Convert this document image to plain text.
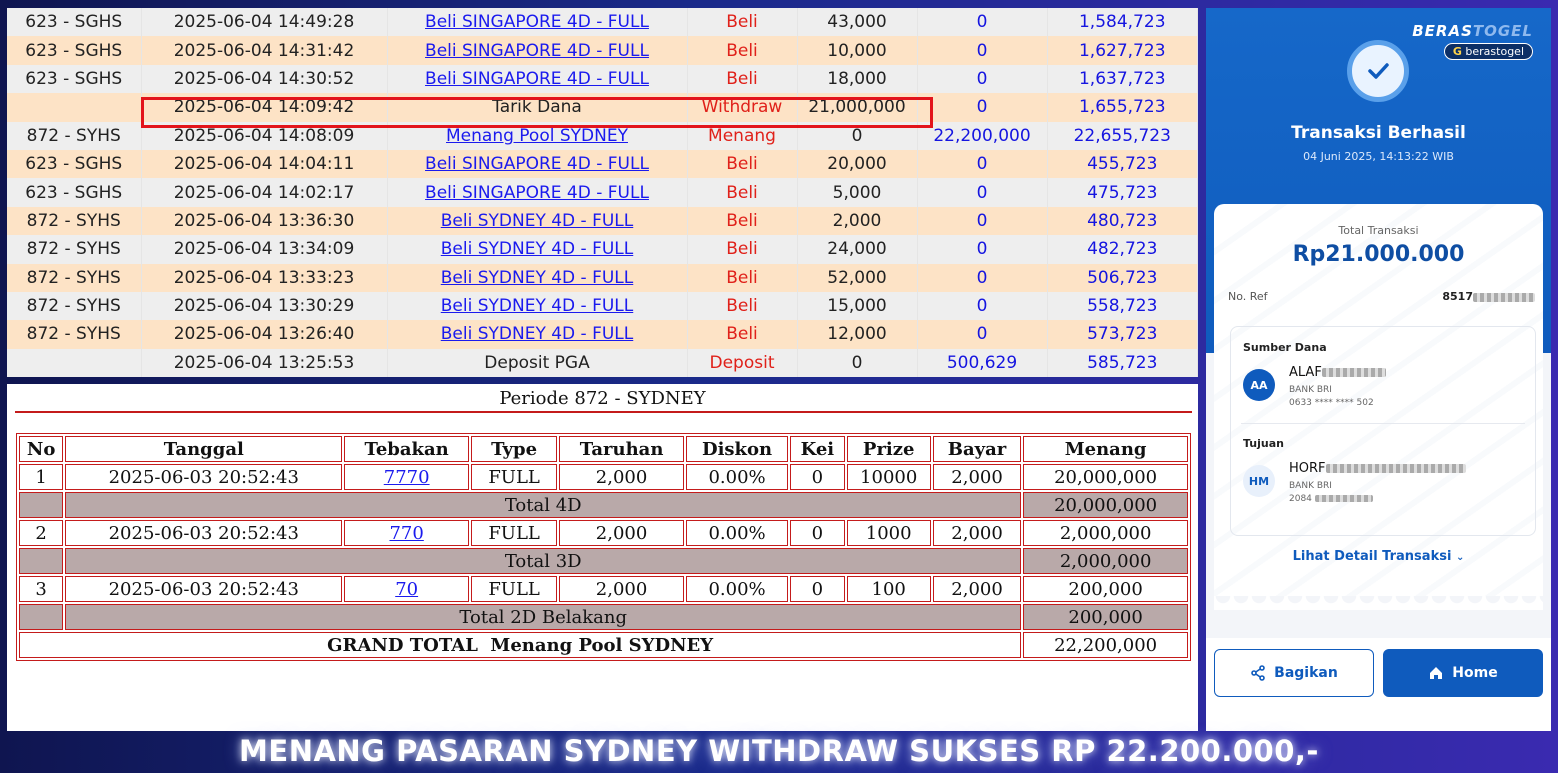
623 - SGHS	2025-06-04 14:49:28	Beli SINGAPORE 4D - FULL	Beli	43,000	0	1,584,723
623 - SGHS	2025-06-04 14:31:42	Beli SINGAPORE 4D - FULL	Beli	10,000	0	1,627,723
623 - SGHS	2025-06-04 14:30:52	Beli SINGAPORE 4D - FULL	Beli	18,000	0	1,637,723
	2025-06-04 14:09:42	Tarik Dana	Withdraw	21,000,000	0	1,655,723
872 - SYHS	2025-06-04 14:08:09	Menang Pool SYDNEY	Menang	0	22,200,000	22,655,723
623 - SGHS	2025-06-04 14:04:11	Beli SINGAPORE 4D - FULL	Beli	20,000	0	455,723
623 - SGHS	2025-06-04 14:02:17	Beli SINGAPORE 4D - FULL	Beli	5,000	0	475,723
872 - SYHS	2025-06-04 13:36:30	Beli SYDNEY 4D - FULL	Beli	2,000	0	480,723
872 - SYHS	2025-06-04 13:34:09	Beli SYDNEY 4D - FULL	Beli	24,000	0	482,723
872 - SYHS	2025-06-04 13:33:23	Beli SYDNEY 4D - FULL	Beli	52,000	0	506,723
872 - SYHS	2025-06-04 13:30:29	Beli SYDNEY 4D - FULL	Beli	15,000	0	558,723
872 - SYHS	2025-06-04 13:26:40	Beli SYDNEY 4D - FULL	Beli	12,000	0	573,723
	2025-06-04 13:25:53	Deposit PGA	Deposit	0	500,629	585,723
Periode 872 - SYDNEY
No	Tanggal	Tebakan	Type	Taruhan	Diskon	Kei	Prize	Bayar	Menang
1	2025-06-03 20:52:43	7770	FULL	2,000	0.00%	0	10000	2,000	20,000,000
	Total 4D								20,000,000
2	2025-06-03 20:52:43	770	FULL	2,000	0.00%	0	1000	2,000	2,000,000
	Total 3D								2,000,000
3	2025-06-03 20:52:43	70	FULL	2,000	0.00%	0	100	2,000	200,000
	Total 2D Belakang								200,000
GRAND TOTAL  Menang Pool SYDNEY									22,200,000
BERASTOGEL
G berastogel
Transaksi Berhasil
04 Juni 2025, 14:13:22 WIB
Total Transaksi
Rp21.000.000
No. Ref	8517
Sumber Dana
AA
ALAF
BANK BRI
0633 **** **** 502
Tujuan
HM
HORF
BANK BRI
2084
Lihat Detail Transaksi ⌄
Bagikan	Home
MENANG PASARAN SYDNEY WITHDRAW SUKSES RP 22.200.000,-
